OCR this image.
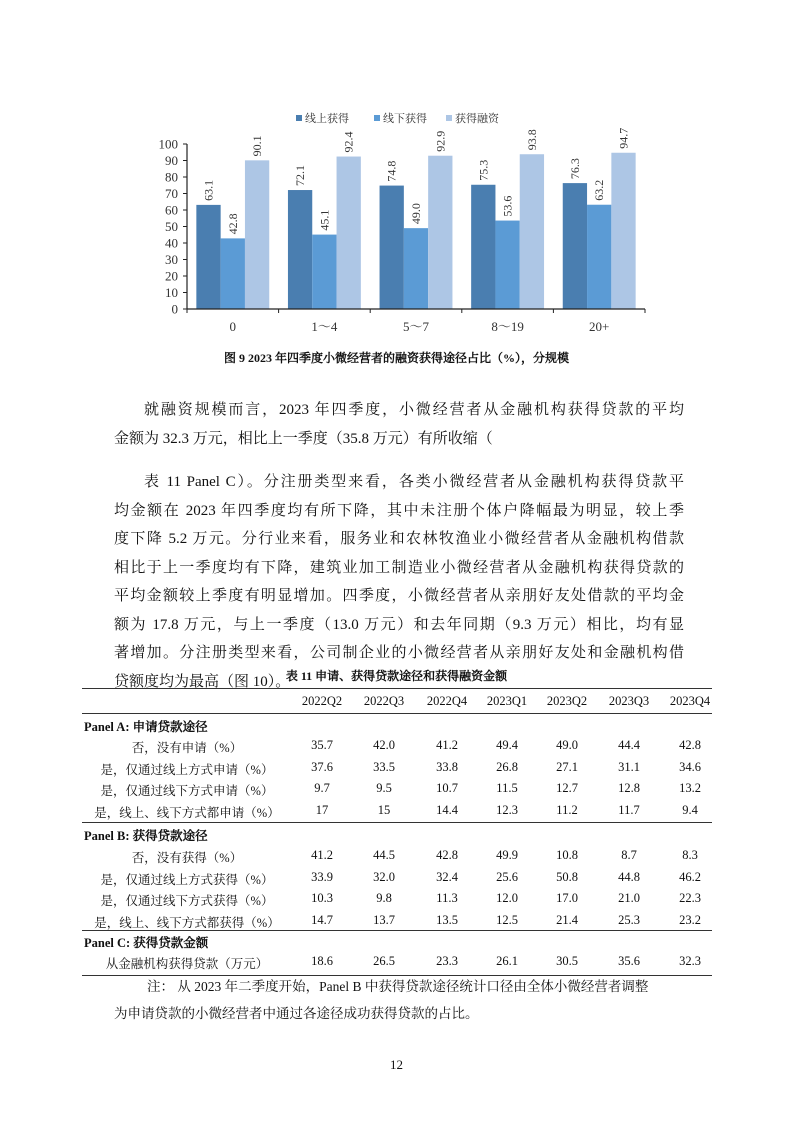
线上获得	线下获得	获得融资
0
10
20
30
40
50
60
70
80
90
100
63.1
42.8
90.1
0
72.1
45.1
92.4
1～4
74.8
49.0
92.9
5～7
75.3
53.6
93.8
8～19
76.3
63.2
94.7
20+
图 9 2023 年四季度小微经营者的融资获得途径占比（%），分规模
就融资规模而言，2023 年四季度，小微经营者从金融机构获得贷款的平均
金额为 32.3 万元，相比上一季度（35.8 万元）有所收缩（
表 11 Panel C）。分注册类型来看，各类小微经营者从金融机构获得贷款平
均金额在 2023 年四季度均有所下降，其中未注册个体户降幅最为明显，较上季
度下降 5.2 万元。分行业来看，服务业和农林牧渔业小微经营者从金融机构借款
相比于上一季度均有下降，建筑业加工制造业小微经营者从金融机构获得贷款的
平均金额较上季度有明显增加。四季度，小微经营者从亲朋好友处借款的平均金
额为 17.8 万元，与上一季度（13.0 万元）和去年同期（9.3 万元）相比，均有显
著增加。分注册类型来看，公司制企业的小微经营者从亲朋好友处和金融机构借
贷额度均为最高（图 10）。
表 11 申请、获得贷款途径和获得融资金额
2022Q2	2022Q3	2022Q4	2023Q1	2023Q2	2023Q3	2023Q4
Panel A: 申请贷款途径
否，没有申请（%）	35.7	42.0	41.2	49.4	49.0	44.4	42.8
是，仅通过线上方式申请（%）	37.6	33.5	33.8	26.8	27.1	31.1	34.6
是，仅通过线下方式申请（%）	9.7	9.5	10.7	11.5	12.7	12.8	13.2
是，线上、线下方式都申请（%）	17	15	14.4	12.3	11.2	11.7	9.4
Panel B: 获得贷款途径
否，没有获得（%）	41.2	44.5	42.8	49.9	10.8	8.7	8.3
是，仅通过线上方式获得（%）	33.9	32.0	32.4	25.6	50.8	44.8	46.2
是，仅通过线下方式获得（%）	10.3	9.8	11.3	12.0	17.0	21.0	22.3
是，线上、线下方式都获得（%）	14.7	13.7	13.5	12.5	21.4	25.3	23.2
Panel C: 获得贷款金额
从金融机构获得贷款（万元）	18.6	26.5	23.3	26.1	30.5	35.6	32.3
注： 从 2023 年二季度开始，Panel B 中获得贷款途径统计口径由全体小微经营者调整
为申请贷款的小微经营者中通过各途径成功获得贷款的占比。
12
